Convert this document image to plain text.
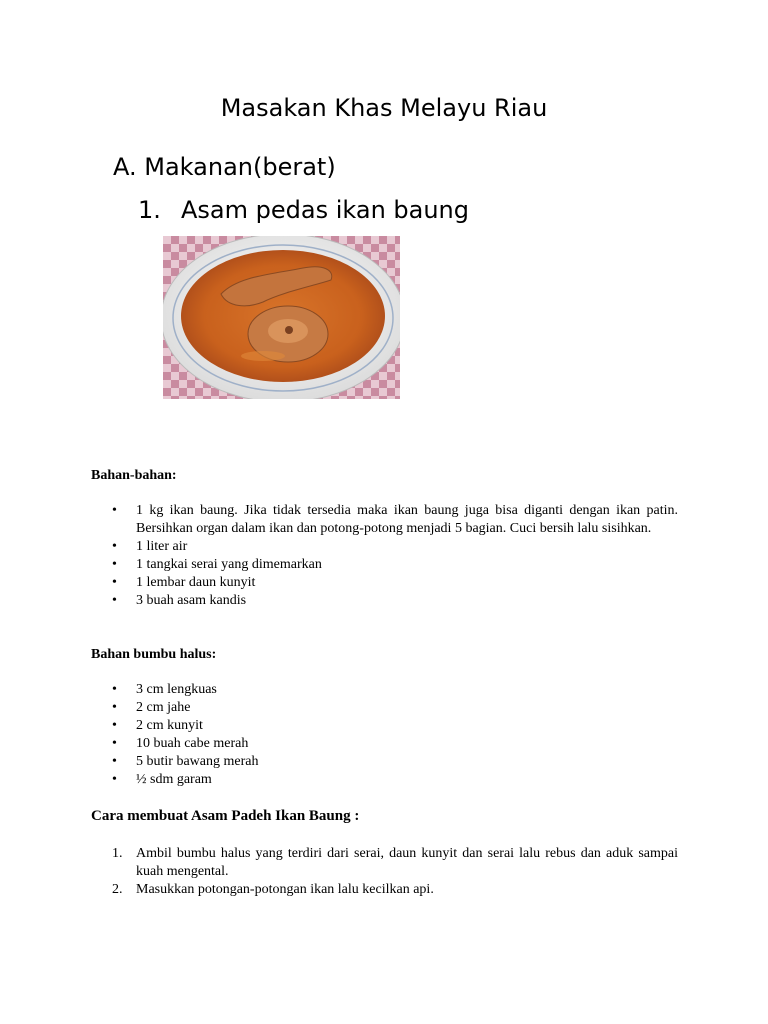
Masakan Khas Melayu Riau
A. Makanan(berat)
1. Asam pedas ikan baung

Bahan-bahan:

• 1 kg ikan baung. Jika tidak tersedia maka ikan baung juga bisa diganti dengan ikan patin. Bersihkan organ dalam ikan dan potong-potong menjadi 5 bagian. Cuci bersih lalu sisihkan.
• 1 liter air
• 1 tangkai serai yang dimemarkan
• 1 lembar daun kunyit
• 3 buah asam kandis

Bahan bumbu halus:

• 3 cm lengkuas
• 2 cm jahe
• 2 cm kunyit
• 10 buah cabe merah
• 5 butir bawang merah
• ½ sdm garam

Cara membuat Asam Padeh Ikan Baung :

1. Ambil bumbu halus yang terdiri dari serai, daun kunyit dan serai lalu rebus dan aduk sampai kuah mengental.
2. Masukkan potongan-potongan ikan lalu kecilkan api.
